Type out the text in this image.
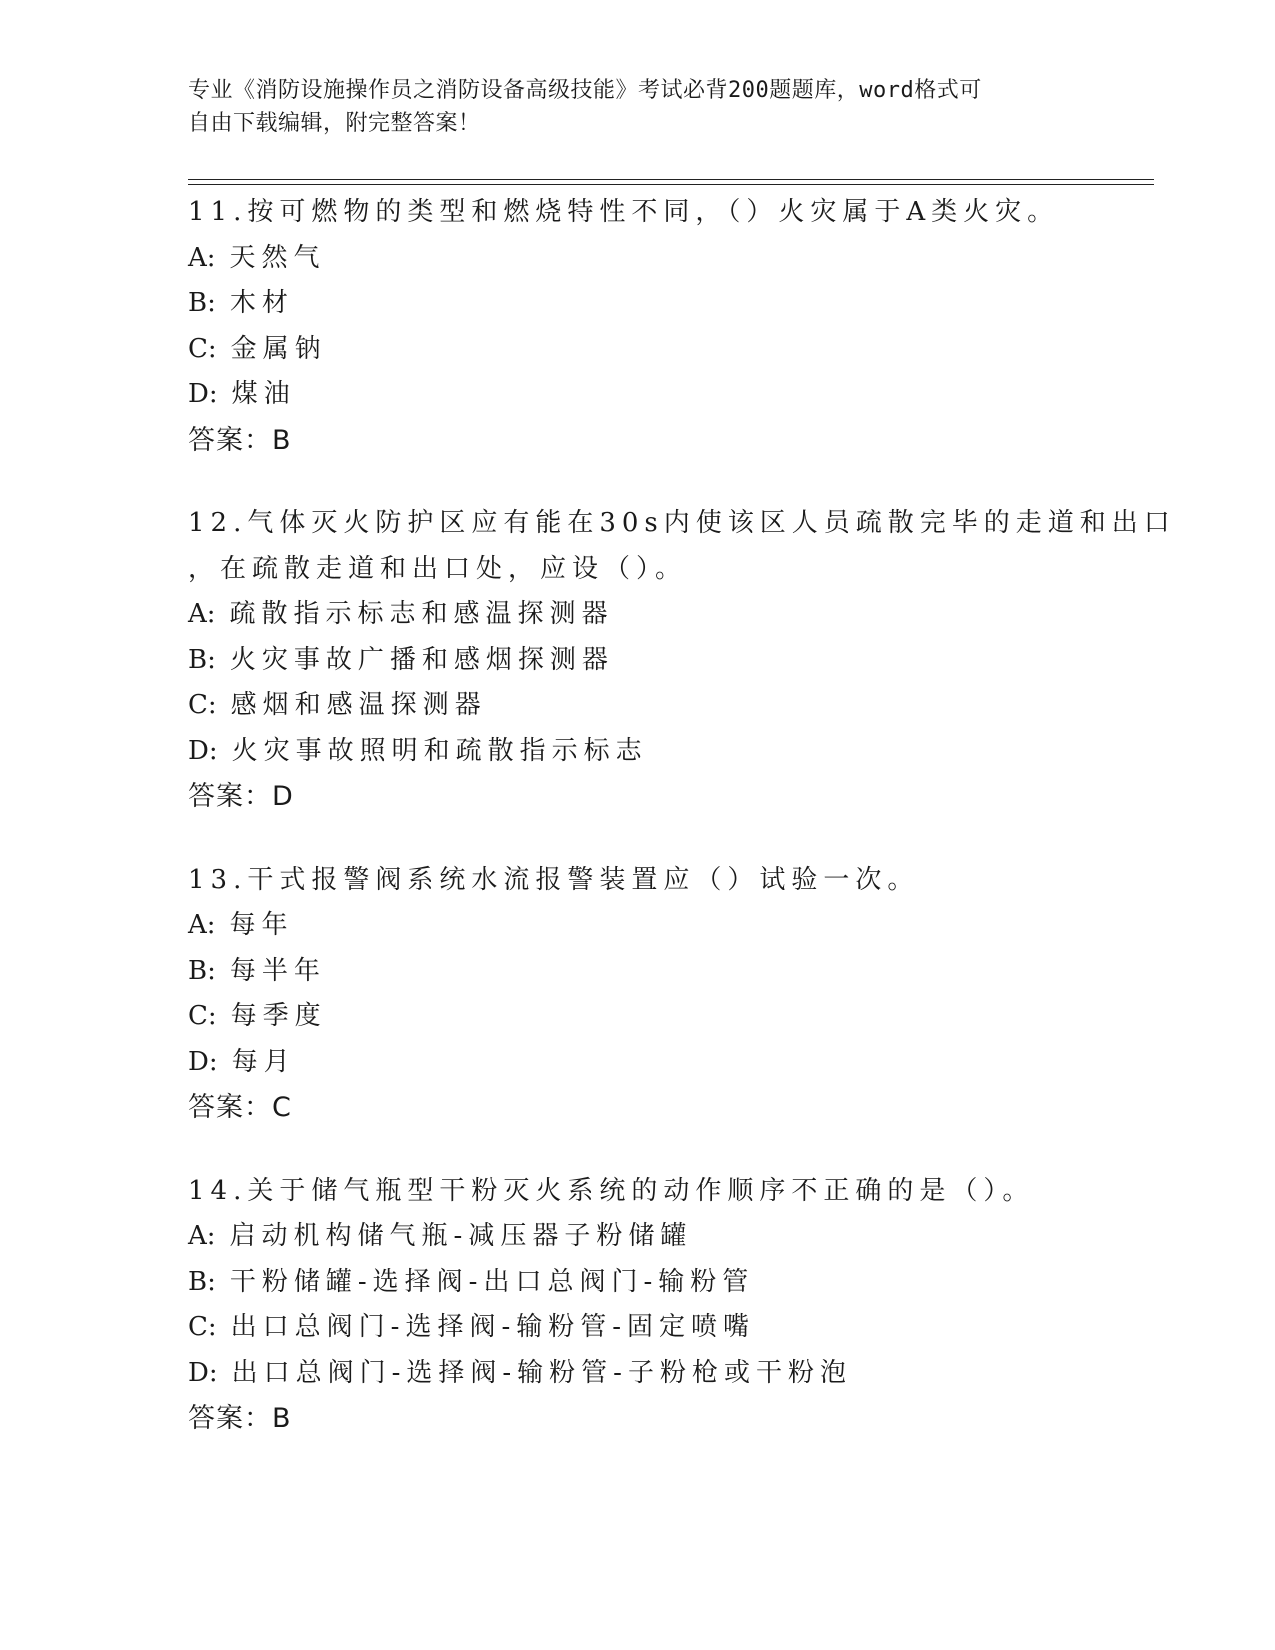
专业《消防设施操作员之消防设备高级技能》考试必背200题题库，word格式可
自由下载编辑，附完整答案！
11.按可燃物的类型和燃烧特性不同，（）火灾属于A类火灾。
A: 天然气
B: 木材
C: 金属钠
D: 煤油
答案：B
12.气体灭火防护区应有能在30s内使该区人员疏散完毕的走道和出口
，在疏散走道和出口处，应设（）。
A: 疏散指示标志和感温探测器
B: 火灾事故广播和感烟探测器
C: 感烟和感温探测器
D: 火灾事故照明和疏散指示标志
答案：D
13.干式报警阀系统水流报警装置应（）试验一次。
A: 每年
B: 每半年
C: 每季度
D: 每月
答案：C
14.关于储气瓶型干粉灭火系统的动作顺序不正确的是（）。
A: 启动机构储气瓶-减压器子粉储罐
B: 干粉储罐-选择阀-出口总阀门-输粉管
C: 出口总阀门-选择阀-输粉管-固定喷嘴
D: 出口总阀门-选择阀-输粉管-子粉枪或干粉泡
答案：B
